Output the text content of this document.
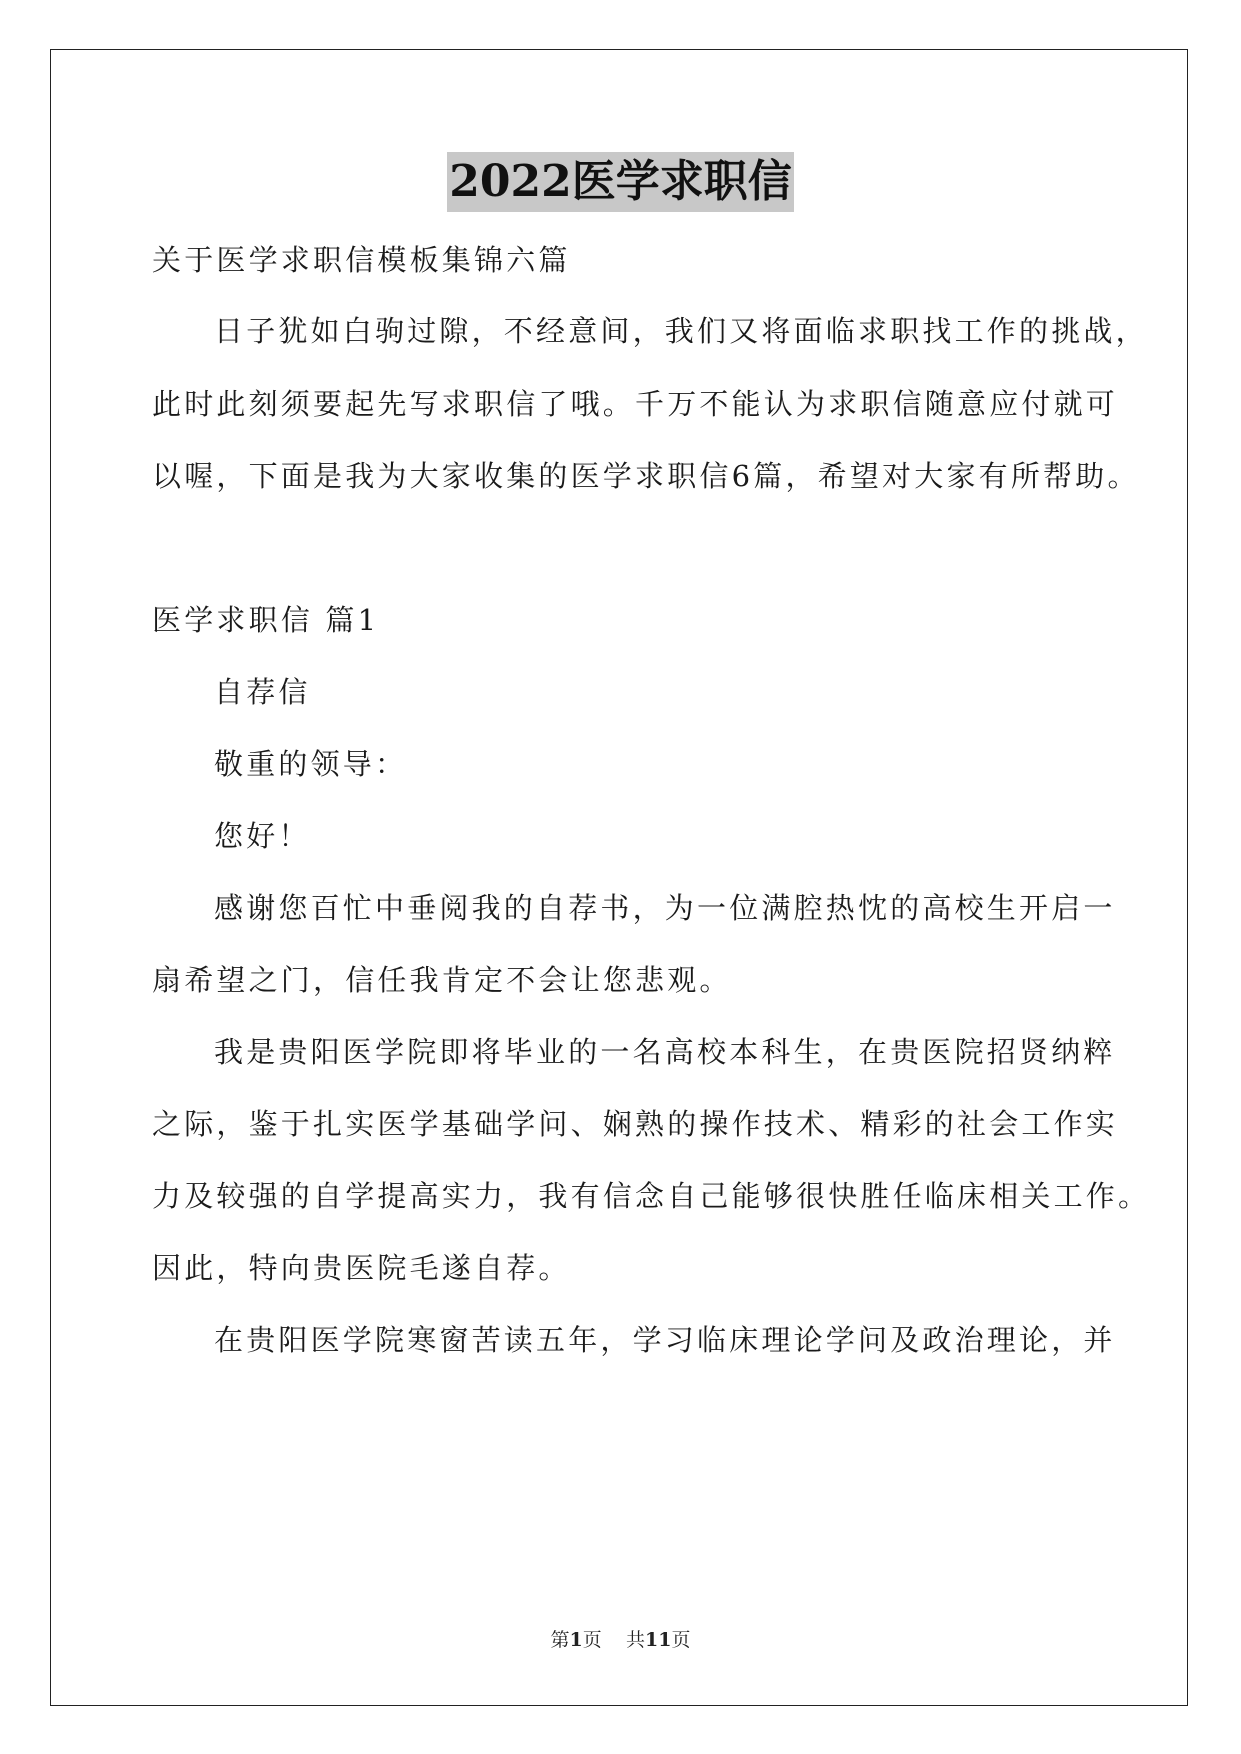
2022医学求职信
关于医学求职信模板集锦六篇
日子犹如白驹过隙，不经意间，我们又将面临求职找工作的挑战，
此时此刻须要起先写求职信了哦。千万不能认为求职信随意应付就可
以喔，下面是我为大家收集的医学求职信6篇，希望对大家有所帮助。
医学求职信 篇1
自荐信
敬重的领导：
您好！
感谢您百忙中垂阅我的自荐书，为一位满腔热忱的高校生开启一
扇希望之门，信任我肯定不会让您悲观。
我是贵阳医学院即将毕业的一名高校本科生，在贵医院招贤纳粹
之际，鉴于扎实医学基础学问、娴熟的操作技术、精彩的社会工作实
力及较强的自学提高实力，我有信念自己能够很快胜任临床相关工作。
因此，特向贵医院毛遂自荐。
在贵阳医学院寒窗苦读五年，学习临床理论学问及政治理论，并
第1页 共11页
